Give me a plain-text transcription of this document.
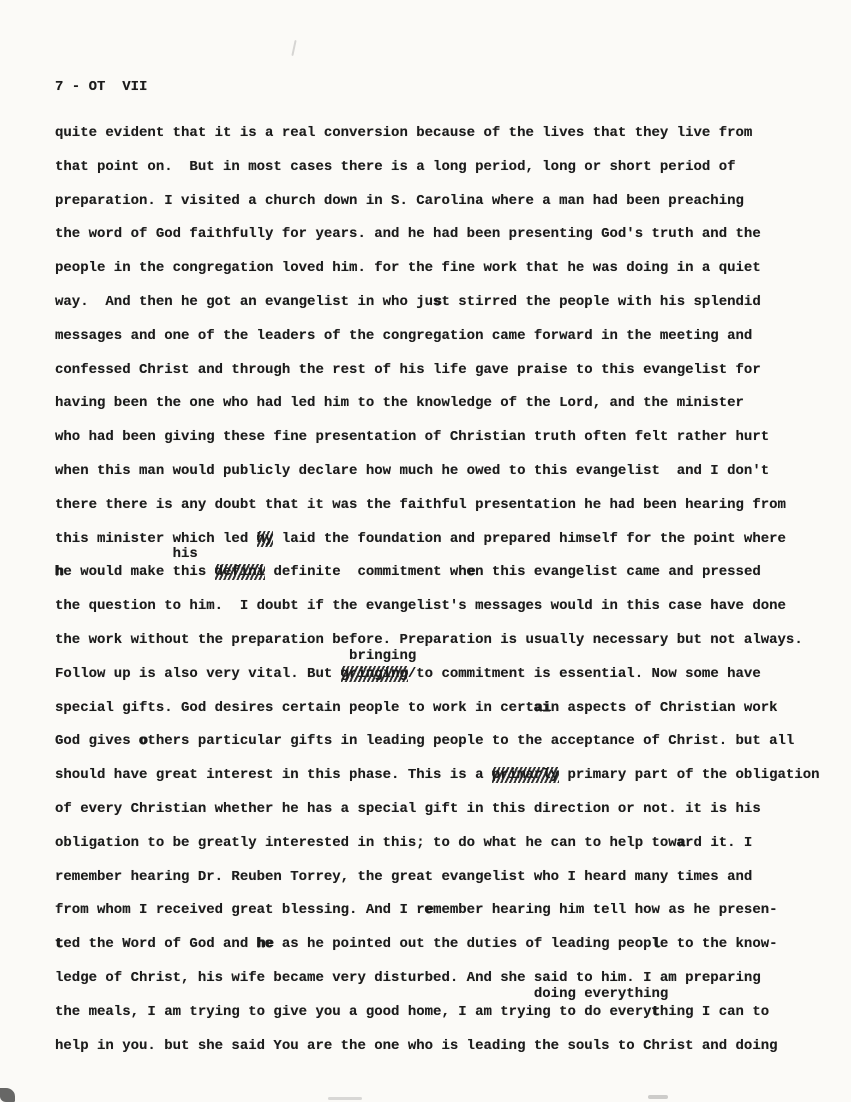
7 - OT  VII
quite evident that it is a real conversion because of the lives that they live from
that point on.  But in most cases there is a long period, long or short period of
preparation. I visited a church down in S. Carolina where a man had been preaching
the word of God faithfully for years. and he had been presenting God's truth and the
people in the congregation loved him. for the fine work that he was doing in a quiet
way.  And then he got an evangelist in who just stirred the people with his splendid
messages and one of the leaders of the congregation came forward in the meeting and
confessed Christ and through the rest of his life gave praise to this evangelist for
having been the one who had led him to the knowledge of the Lord, and the minister
who had been giving these fine presentation of Christian truth often felt rather hurt
when this man would publicly declare how much he owed to this evangelist  and I don't
there there is any doubt that it was the faithful presentation he had been hearing from
this minister which led hy laid the foundation and prepared himself for the point where
his
he would make this defini definite  commitment when this evangelist came and pressed
the question to him.  I doubt if the evangelist's messages would in this case have done
the work without the preparation before. Preparation is usually necessary but not always.
bringing
Follow up is also very vital. But gringing/to commitment is essential. Now some have
special gifts. God desires certain people to work in certain aspects of Christian work
God gives others particular gifts in leading people to the acceptance of Christ. but all
should have great interest in this phase. This is a primarly primary part of the obligation
of every Christian whether he has a special gift in this direction or not. it is his
obligation to be greatly interested in this; to do what he can to help toward it. I
remember hearing Dr. Reuben Torrey, the great evangelist who I heard many times and
from whom I received great blessing. And I remember hearing him tell how as he presen-
ted the Word of God and he as he pointed out the duties of leading people to the know-
ledge of Christ, his wife became very disturbed. And she said to him. I am preparing
doing everything
the meals, I am trying to give you a good home, I am trying to do everything I can to
help in you. but she said You are the one who is leading the souls to Christ and doing
